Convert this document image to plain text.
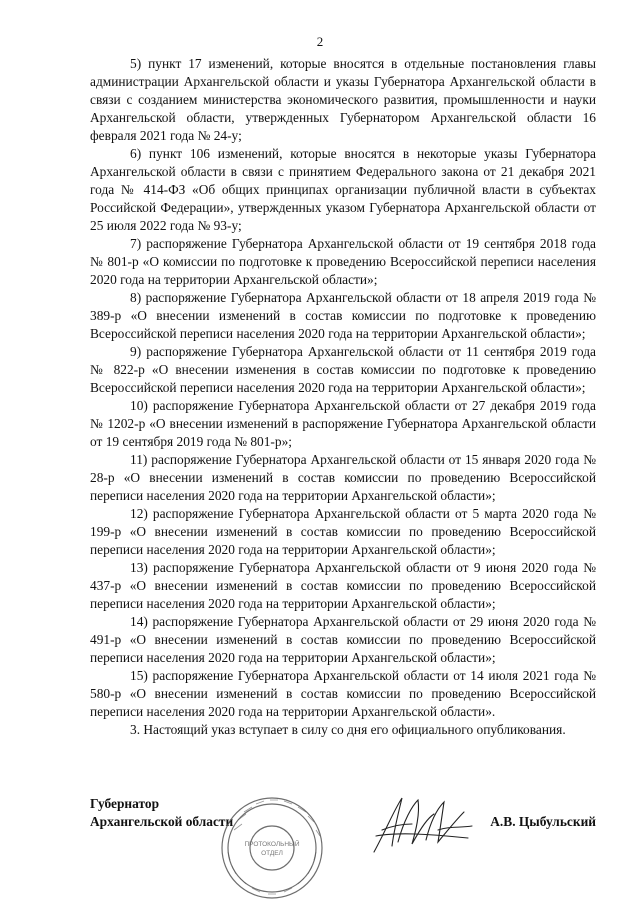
2

5) пункт 17 изменений, которые вносятся в отдельные постановления главы администрации Архангельской области и указы Губернатора Архангельской области в связи с созданием министерства экономического развития, промышленности и науки Архангельской области, утвержденных Губернатором Архангельской области 16 февраля 2021 года № 24-у;

6) пункт 106 изменений, которые вносятся в некоторые указы Губернатора Архангельской области в связи с принятием Федерального закона от 21 декабря 2021 года № 414-ФЗ «Об общих принципах организации публичной власти в субъектах Российской Федерации», утвержденных указом Губернатора Архангельской области от 25 июля 2022 года № 93-у;

7) распоряжение Губернатора Архангельской области от 19 сентября 2018 года № 801-р «О комиссии по подготовке к проведению Всероссийской переписи населения 2020 года на территории Архангельской области»;

8) распоряжение Губернатора Архангельской области от 18 апреля 2019 года № 389-р «О внесении изменений в состав комиссии по подготовке к проведению Всероссийской переписи населения 2020 года на территории Архангельской области»;

9) распоряжение Губернатора Архангельской области от 11 сентября 2019 года № 822-р «О внесении изменения в состав комиссии по подготовке к проведению Всероссийской переписи населения 2020 года на территории Архангельской области»;

10) распоряжение Губернатора Архангельской области от 27 декабря 2019 года № 1202-р «О внесении изменений в распоряжение Губернатора Архангельской области от 19 сентября 2019 года № 801-р»;

11) распоряжение Губернатора Архангельской области от 15 января 2020 года № 28-р «О внесении изменений в состав комиссии по проведению Всероссийской переписи населения 2020 года на территории Архангельской области»;

12) распоряжение Губернатора Архангельской области от 5 марта 2020 года № 199-р «О внесении изменений в состав комиссии по проведению Всероссийской переписи населения 2020 года на территории Архангельской области»;

13) распоряжение Губернатора Архангельской области от 9 июня 2020 года № 437-р «О внесении изменений в состав комиссии по проведению Всероссийской переписи населения 2020 года на территории Архангельской области»;

14) распоряжение Губернатора Архангельской области от 29 июня 2020 года № 491-р «О внесении изменений в состав комиссии по проведению Всероссийской переписи населения 2020 года на территории Архангельской области»;

15) распоряжение Губернатора Архангельской области от 14 июля 2021 года № 580-р «О внесении изменений в состав комиссии по проведению Всероссийской переписи населения 2020 года на территории Архангельской области».

3. Настоящий указ вступает в силу со дня его официального опубликования.

Губернатор
Архангельской области
ПРОТОКОЛЬНЫЙ
ОТДЕЛ
А.В. Цыбульский
